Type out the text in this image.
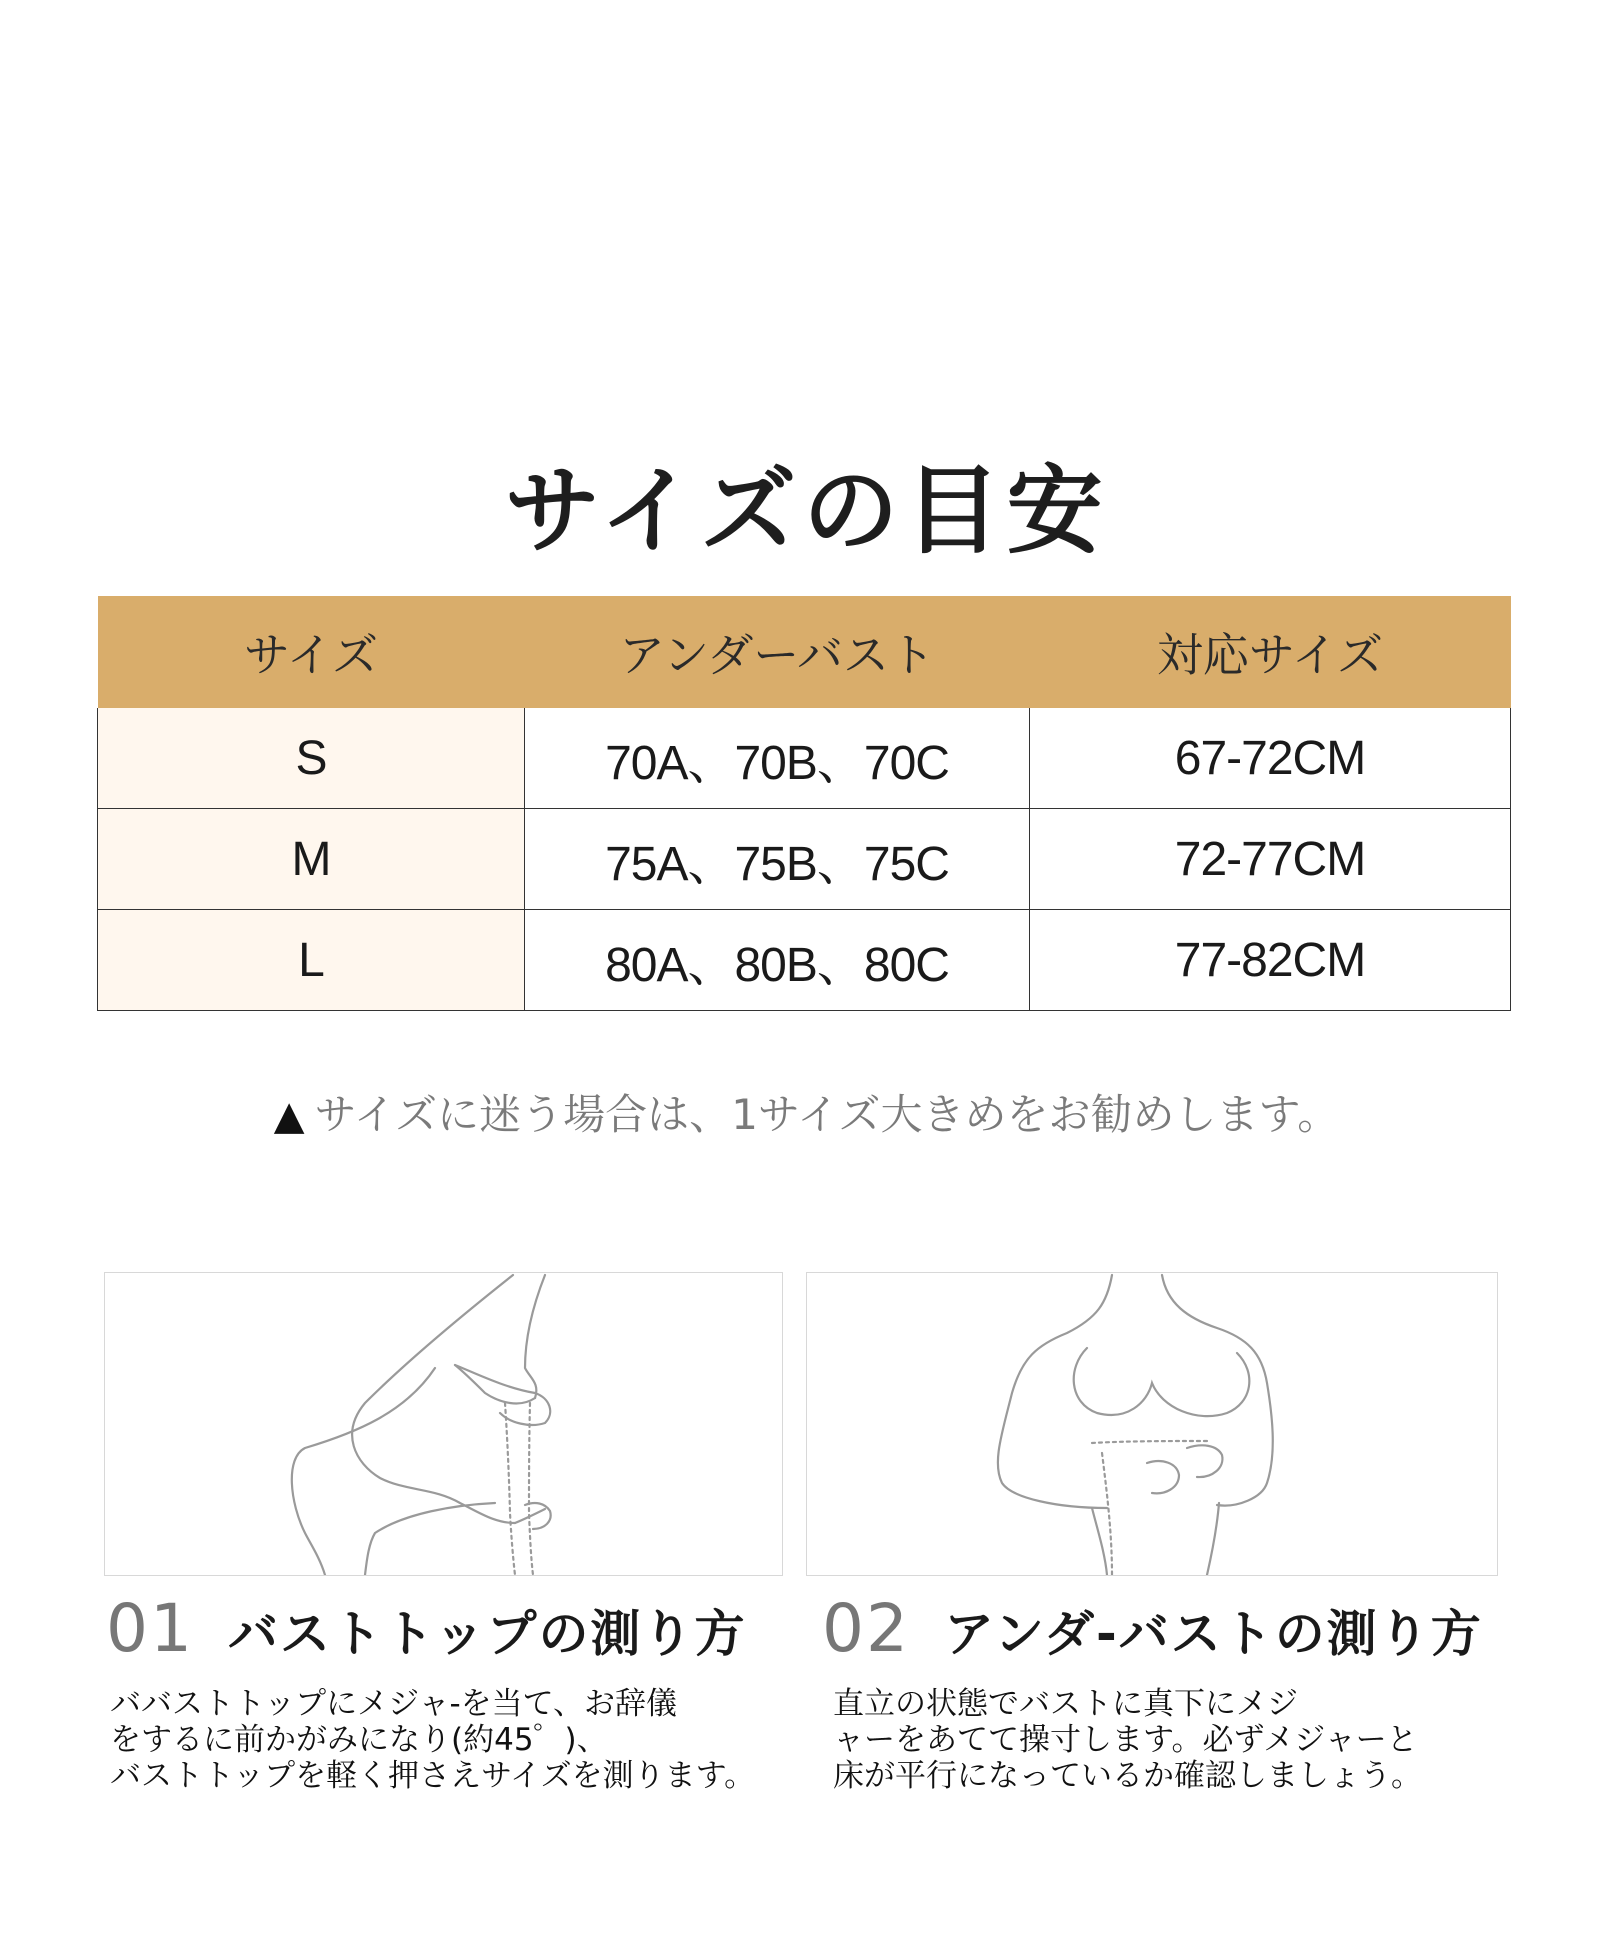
サイズの目安
サイズ	アンダーバスト	対応サイズ
S	70A、70B、70C	67-72CM
M	75A、75B、75C	72-77CM
L	80A、80B、80C	77-82CM
▲ サイズに迷う場合は、1サイズ大きめをお勧めします。
01 バストトップの測り方 02 アンダ-バストの測り方
ババストトップにメジャ-を当て、お辞儀
をするに前かがみになり(約45゜)、
バストトップを軽く押さえサイズを測ります。
直立の状態でバストに真下にメジ
ャーをあてて操寸します。必ずメジャーと
床が平行になっているか確認しましょう。
